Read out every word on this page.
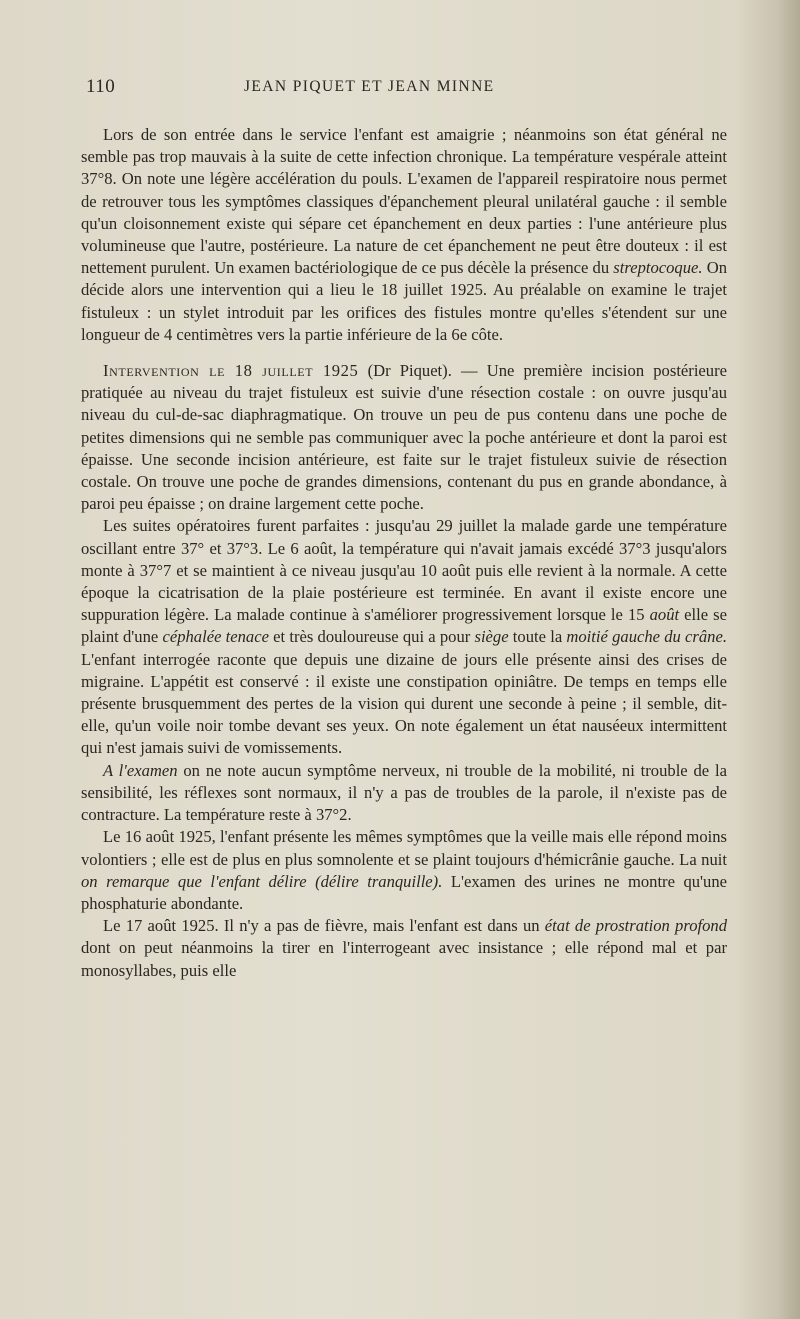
110	JEAN PIQUET ET JEAN MINNE

Lors de son entrée dans le service l'enfant est amaigrie ; néanmoins son état général ne semble pas trop mauvais à la suite de cette infection chronique. La température vespérale atteint 37°8. On note une légère accélération du pouls. L'examen de l'appareil respiratoire nous permet de retrouver tous les symptômes classiques d'épanchement pleural unilatéral gauche : il semble qu'un cloisonnement existe qui sépare cet épanchement en deux parties : l'une antérieure plus volumineuse que l'autre, postérieure. La nature de cet épanchement ne peut être douteux : il est nettement purulent. Un examen bactériologique de ce pus décèle la présence du streptocoque. On décide alors une intervention qui a lieu le 18 juillet 1925. Au préalable on examine le trajet fistuleux : un stylet introduit par les orifices des fistules montre qu'elles s'étendent sur une longueur de 4 centimètres vers la partie inférieure de la 6e côte.

Intervention le 18 juillet 1925 (Dr Piquet). — Une première incision postérieure pratiquée au niveau du trajet fistuleux est suivie d'une résection costale : on ouvre jusqu'au niveau du cul-de-sac diaphragmatique. On trouve un peu de pus contenu dans une poche de petites dimensions qui ne semble pas communiquer avec la poche antérieure et dont la paroi est épaisse. Une seconde incision antérieure, est faite sur le trajet fistuleux suivie de résection costale. On trouve une poche de grandes dimensions, contenant du pus en grande abondance, à paroi peu épaisse ; on draine largement cette poche.

Les suites opératoires furent parfaites : jusqu'au 29 juillet la malade garde une température oscillant entre 37° et 37°3. Le 6 août, la température qui n'avait jamais excédé 37°3 jusqu'alors monte à 37°7 et se maintient à ce niveau jusqu'au 10 août puis elle revient à la normale. A cette époque la cicatrisation de la plaie postérieure est terminée. En avant il existe encore une suppuration légère. La malade continue à s'améliorer progressivement lorsque le 15 août elle se plaint d'une céphalée tenace et très douloureuse qui a pour siège toute la moitié gauche du crâne. L'enfant interrogée raconte que depuis une dizaine de jours elle présente ainsi des crises de migraine. L'appétit est conservé : il existe une constipation opiniâtre. De temps en temps elle présente brusquemment des pertes de la vision qui durent une seconde à peine ; il semble, dit-elle, qu'un voile noir tombe devant ses yeux. On note également un état nauséeux intermittent qui n'est jamais suivi de vomissements.

A l'examen on ne note aucun symptôme nerveux, ni trouble de la mobilité, ni trouble de la sensibilité, les réflexes sont normaux, il n'y a pas de troubles de la parole, il n'existe pas de contracture. La température reste à 37°2.

Le 16 août 1925, l'enfant présente les mêmes symptômes que la veille mais elle répond moins volontiers ; elle est de plus en plus somnolente et se plaint toujours d'hémicrânie gauche. La nuit on remarque que l'enfant délire (délire tranquille). L'examen des urines ne montre qu'une phosphaturie abondante.

Le 17 août 1925. Il n'y a pas de fièvre, mais l'enfant est dans un état de prostration profond dont on peut néanmoins la tirer en l'interrogeant avec insistance ; elle répond mal et par monosyllabes, puis elle
